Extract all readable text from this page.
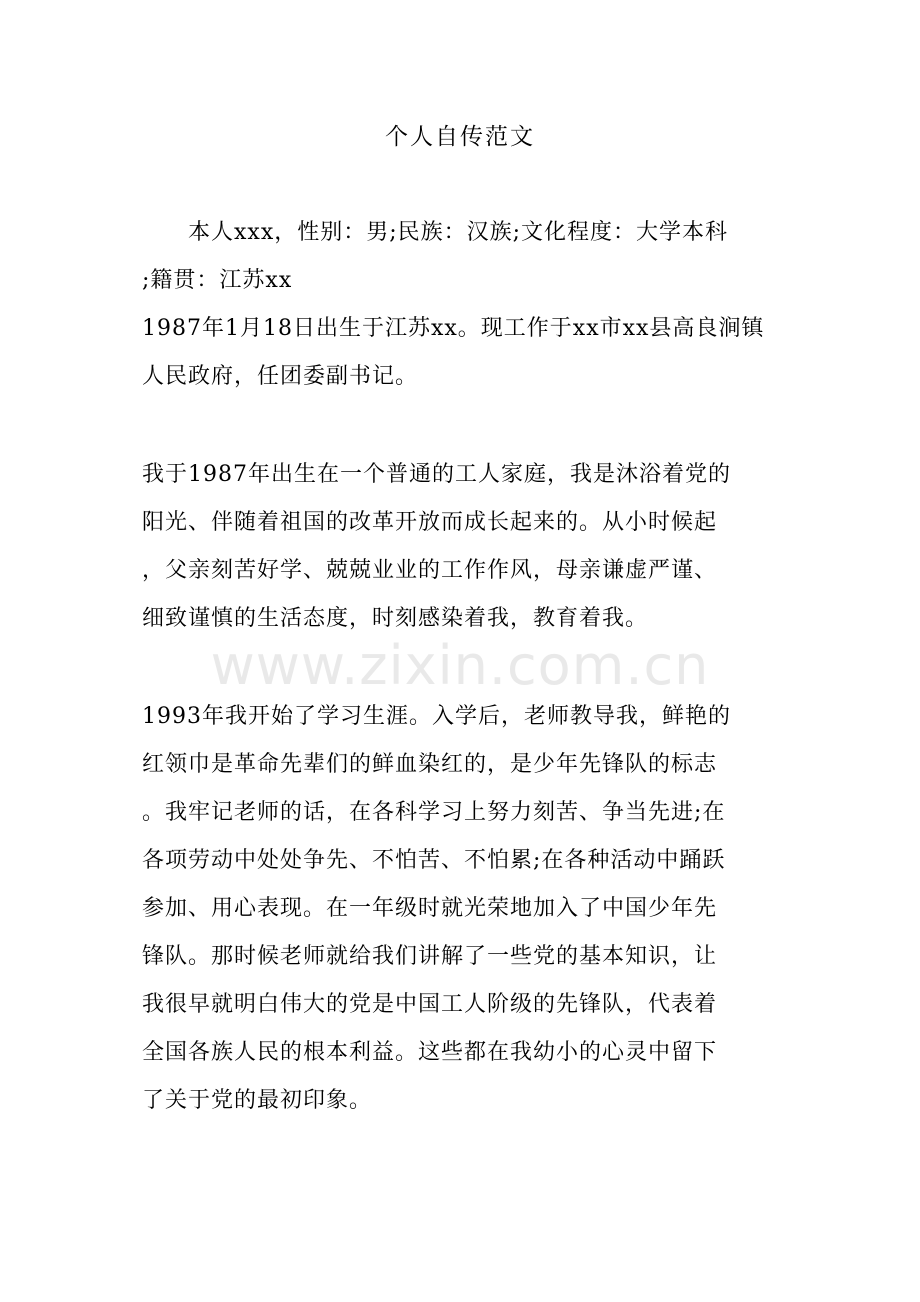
www.zixin.com.cn
个人自传范文
本人xxx，性别：男;民族：汉族;文化程度：大学本科
;籍贯：江苏xx
1987年1月18日出生于江苏xx。现工作于xx市xx县高良涧镇
人民政府，任团委副书记。
我于1987年出生在一个普通的工人家庭，我是沐浴着党的
阳光、伴随着祖国的改革开放而成长起来的。从小时候起
，父亲刻苦好学、兢兢业业的工作作风，母亲谦虚严谨、
细致谨慎的生活态度，时刻感染着我，教育着我。
1993年我开始了学习生涯。入学后，老师教导我，鲜艳的
红领巾是革命先辈们的鲜血染红的，是少年先锋队的标志
。我牢记老师的话，在各科学习上努力刻苦、争当先进;在
各项劳动中处处争先、不怕苦、不怕累;在各种活动中踊跃
参加、用心表现。在一年级时就光荣地加入了中国少年先
锋队。那时候老师就给我们讲解了一些党的基本知识，让
我很早就明白伟大的党是中国工人阶级的先锋队，代表着
全国各族人民的根本利益。这些都在我幼小的心灵中留下
了关于党的最初印象。
